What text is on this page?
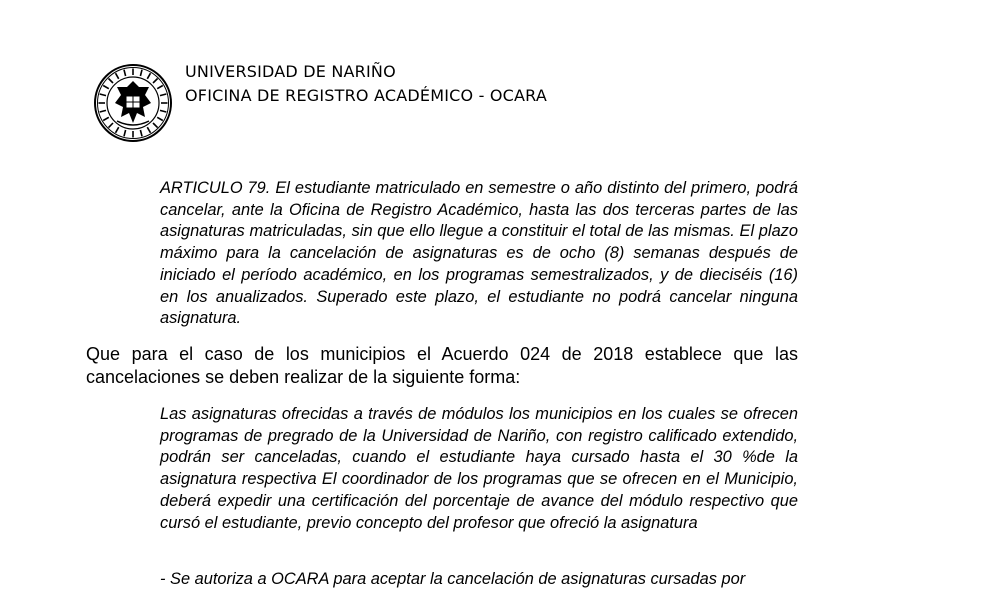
UNIVERSIDAD DE NARIÑO
OFICINA DE REGISTRO ACADÉMICO - OCARA
ARTICULO 79. El estudiante matriculado en semestre o año distinto del primero, podrá cancelar, ante la Oficina de Registro Académico, hasta las dos terceras partes de las asignaturas matriculadas, sin que ello llegue a constituir el total de las mismas. El plazo máximo para la cancelación de asignaturas es de ocho (8) semanas después de iniciado el período académico, en los programas semestralizados, y de dieciséis (16) en los anualizados. Superado este plazo, el estudiante no podrá cancelar ninguna asignatura.
Que para el caso de los municipios el Acuerdo 024 de 2018 establece que las cancelaciones se deben realizar de la siguiente forma:
Las asignaturas ofrecidas a través de módulos los municipios en los cuales se ofrecen programas de pregrado de la Universidad de Nariño, con registro calificado extendido, podrán ser canceladas, cuando el estudiante haya cursado hasta el 30 %de la asignatura respectiva El coordinador de los programas que se ofrecen en el Municipio, deberá expedir una certificación del porcentaje de avance del módulo respectivo que cursó el estudiante, previo concepto del profesor que ofreció la asignatura
- Se autoriza a OCARA para aceptar la cancelación de asignaturas cursadas por
